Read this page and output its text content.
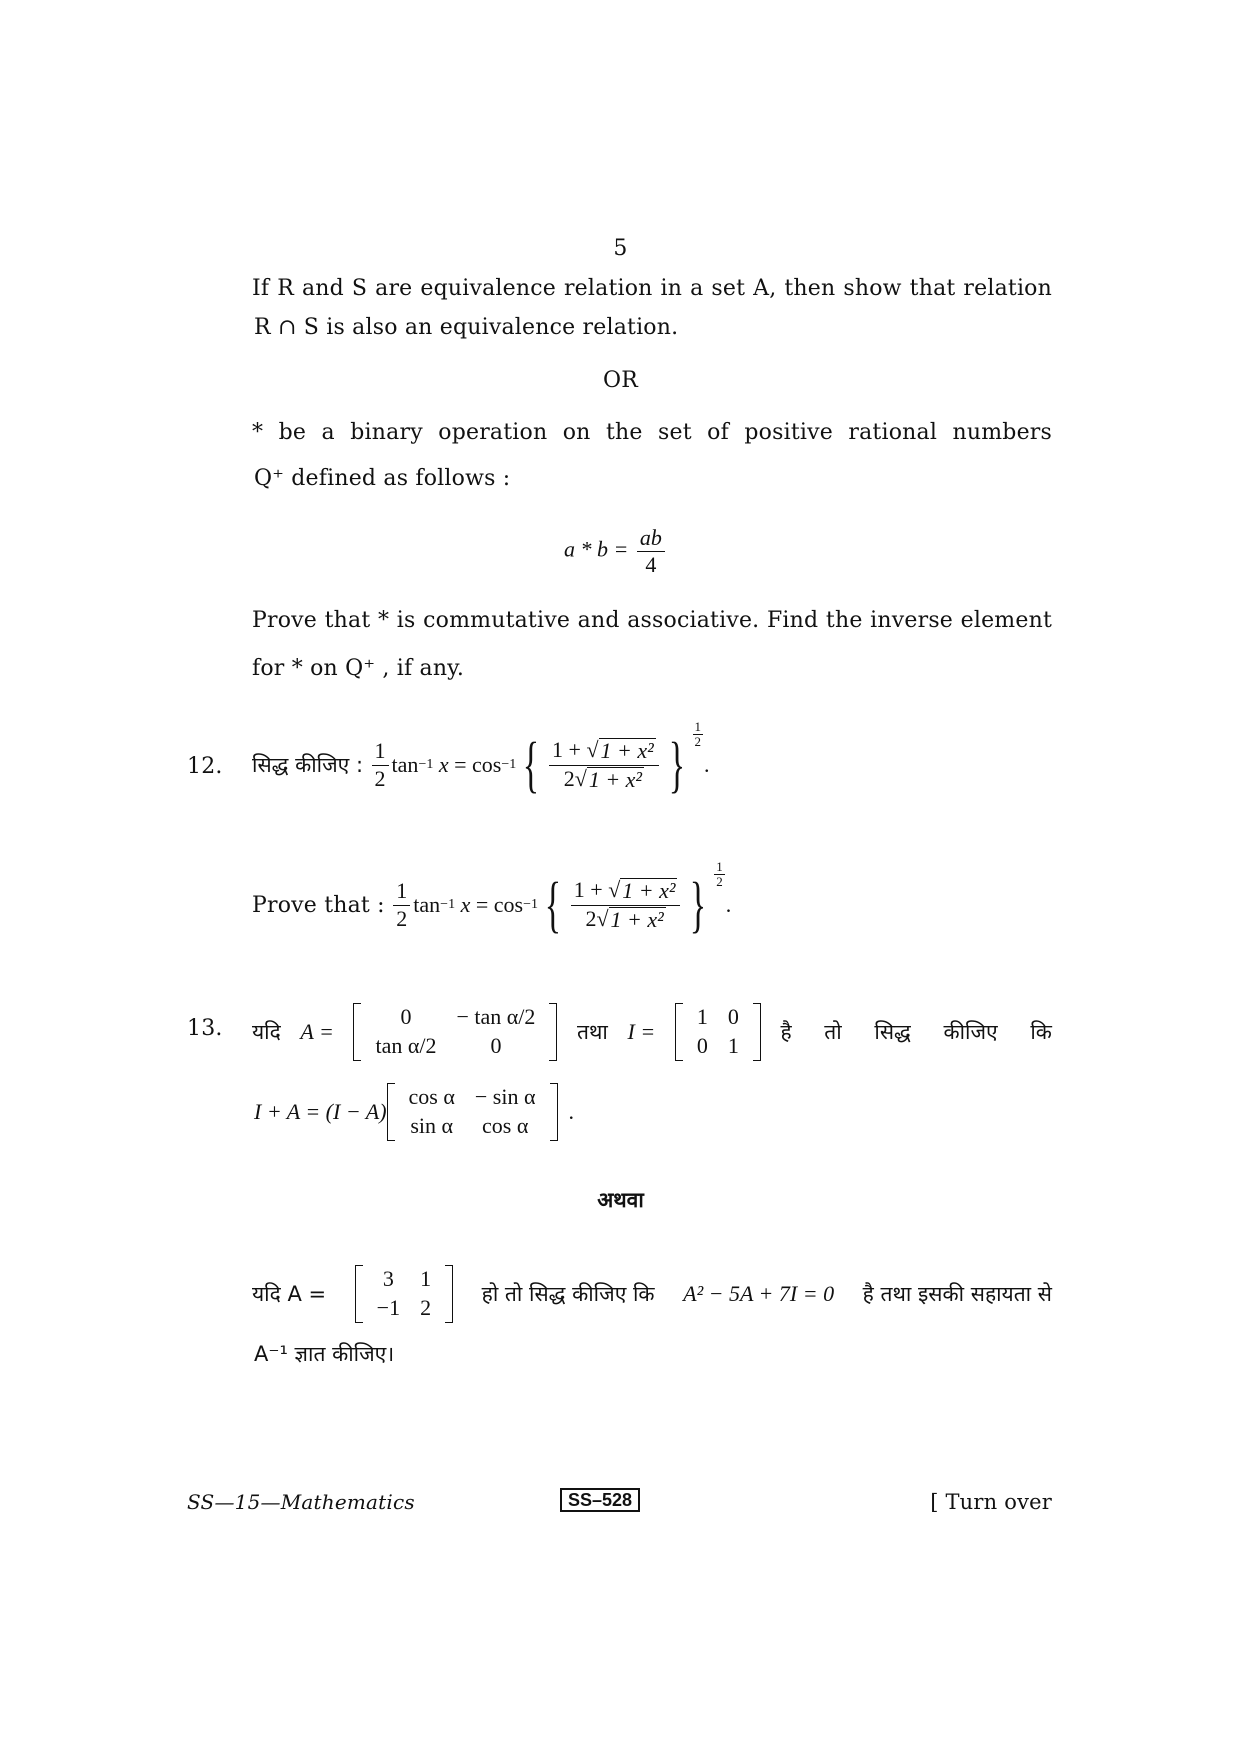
5
If R and S are equivalence relation in a set A, then show that relation
R ∩ S is also an equivalence relation.
OR
* be a binary operation on the set of positive rational numbers
Q⁺ defined as follows :
$a * b = \frac{ab}{4}$
Prove that * is commutative and associative. Find the inverse element
for * on Q⁺ , if any.
12. सिद्ध कीजिए :
$\frac{1}{2}$ tan −1
x
=
cos −1 { $\frac{\text{1 + √ 1 + x²}}{\text{2√ 1 + x²}}$ } $\frac{1}{2}$
.
Prove that :
$\frac{1}{2}$ tan −1
x
=
cos −1 { $\frac{\text{1 + √ 1 + x²}}{\text{2√ 1 + x²}}$ } $\frac{1}{2}$
.
13. यदि A =
0	− tan α/2
tan α/2	0
तथा I =
1	0
0	1
है तो सिद्ध कीजिए कि
I + A = (I − A)
cos α	− sin α
sin α	cos α

.
अथवा
यदि A =
3	1
−1	2
हो तो सिद्ध कीजिए कि A² − 5A + 7I = 0 है तथा इसकी सहायता से
A⁻¹ ज्ञात कीजिए।
SS—15—Mathematics	SS–528	[ Turn over
